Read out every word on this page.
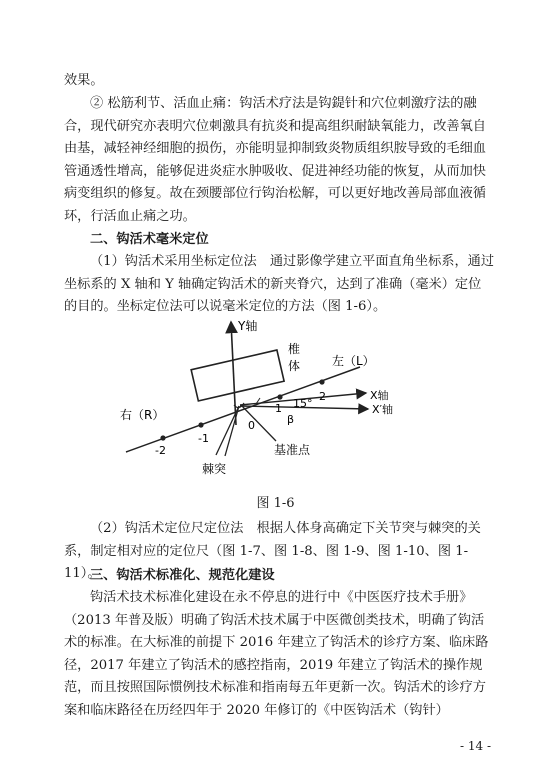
效果。

② 松筋利节、活血止痛：钩活术疗法是钩鍉针和穴位刺激疗法的融合，现代研究亦表明穴位刺激具有抗炎和提高组织耐缺氧能力，改善氧自由基，减轻神经细胞的损伤，亦能明显抑制致炎物质组织胺导致的毛细血管通透性增高，能够促进炎症水肿吸收、促进神经功能的恢复，从而加快病变组织的修复。故在颈腰部位行钩治松解，可以更好地改善局部血液循环，行活血止痛之功。

二、钩活术毫米定位

（1）钩活术采用坐标定位法　通过影像学建立平面直角坐标系，通过坐标系的 X 轴和 Y 轴确定钩活术的新夹脊穴，达到了准确（毫米）定位的目的。坐标定位法可以说毫米定位的方法（图 1-6）。

Y轴
椎
体	左（L）
X轴
X′轴
15°
β
右（R）	1
2
-1
-2
0
棘突
基准点
图 1-6

（2）钩活术定位尺定位法　根据人体身高确定下关节突与棘突的关系，制定相对应的定位尺（图 1-7、图 1-8、图 1-9、图 1-10、图 1-11）。

三、钩活术标准化、规范化建设

钩活术技术标准化建设在永不停息的进行中《中医医疗技术手册》（2013 年普及版）明确了钩活术技术属于中医微创类技术，明确了钩活术的标准。在大标准的前提下 2016 年建立了钩活术的诊疗方案、临床路径，2017 年建立了钩活术的感控指南，2019 年建立了钩活术的操作规范，而且按照国际惯例技术标准和指南每五年更新一次。钩活术的诊疗方案和临床路径在历经四年于 2020 年修订的《中医钩活术（钩针）

- 14 -
